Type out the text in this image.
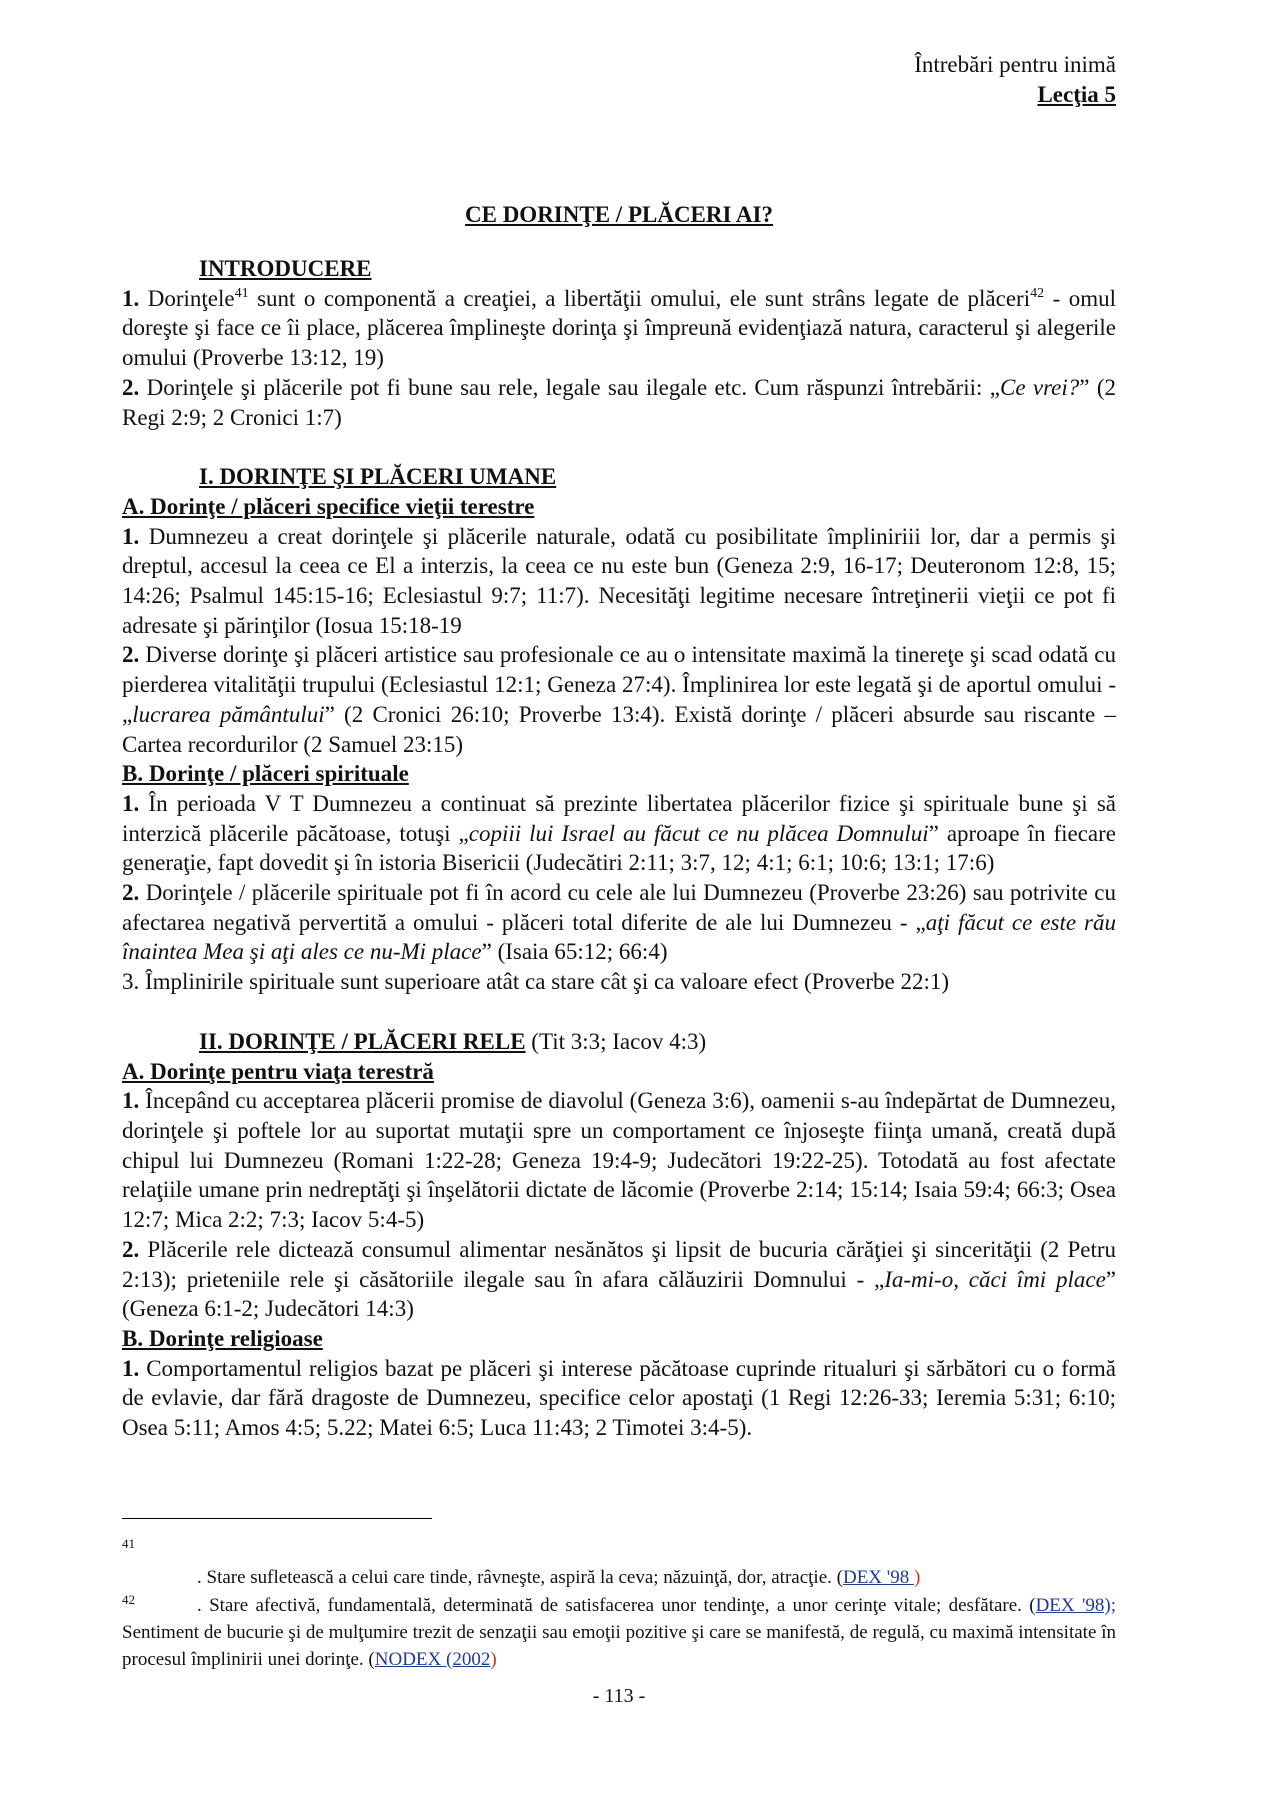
Întrebări pentru inimă
Lecţia 5
CE DORINŢE / PLĂCERI AI?

INTRODUCERE

1. Dorinţele$^{41}$ sunt o componentă a creaţiei, a libertăţii omului, ele sunt strâns legate de plăceri$^{42}$ - omul doreşte şi face ce îi place, plăcerea împlineşte dorinţa şi împreună evidenţiază natura, caracterul şi alegerile omului (Proverbe 13:12, 19)

2. Dorinţele şi plăcerile pot fi bune sau rele, legale sau ilegale etc. Cum răspunzi întrebării: „Ce vrei?” (2 Regi 2:9; 2 Cronici 1:7)

I. DORINŢE ŞI PLĂCERI UMANE

A. Dorinţe / plăceri specifice vieţii terestre

1. Dumnezeu a creat dorinţele şi plăcerile naturale, odată cu posibilitate împliniriii lor, dar a permis şi dreptul, accesul la ceea ce El a interzis, la ceea ce nu este bun (Geneza 2:9, 16-17; Deuteronom 12:8, 15; 14:26; Psalmul 145:15-16; Eclesiastul 9:7; 11:7). Necesităţi legitime necesare întreţinerii vieţii ce pot fi adresate şi părinţilor (Iosua 15:18-19

2. Diverse dorinţe şi plăceri artistice sau profesionale ce au o intensitate maximă la tinereţe şi scad odată cu pierderea vitalităţii trupului (Eclesiastul 12:1; Geneza 27:4). Împlinirea lor este legată şi de aportul omului - „lucrarea pământului” (2 Cronici 26:10; Proverbe 13:4). Există dorinţe / plăceri absurde sau riscante – Cartea recordurilor (2 Samuel 23:15)

B. Dorinţe / plăceri spirituale

1. În perioada V T Dumnezeu a continuat să prezinte libertatea plăcerilor fizice şi spirituale bune şi să interzică plăcerile păcătoase, totuşi „copiii lui Israel au făcut ce nu plăcea Domnului” aproape în fiecare generaţie, fapt dovedit şi în istoria Bisericii (Judecătiri 2:11; 3:7, 12; 4:1; 6:1; 10:6; 13:1; 17:6)

2. Dorinţele / plăcerile spirituale pot fi în acord cu cele ale lui Dumnezeu (Proverbe 23:26) sau potrivite cu afectarea negativă pervertită a omului - plăceri total diferite de ale lui Dumnezeu - „aţi făcut ce este rău înaintea Mea şi aţi ales ce nu-Mi place” (Isaia 65:12; 66:4)

3. Împlinirile spirituale sunt superioare atât ca stare cât şi ca valoare efect (Proverbe 22:1)

II. DORINŢE / PLĂCERI RELE (Tit 3:3; Iacov 4:3)

A. Dorinţe pentru viaţa terestră

1. Începând cu acceptarea plăcerii promise de diavolul (Geneza 3:6), oamenii s-au îndepărtat de Dumnezeu, dorinţele şi poftele lor au suportat mutaţii spre un comportament ce înjoseşte fiinţa umană, creată după chipul lui Dumnezeu (Romani 1:22-28; Geneza 19:4-9; Judecători 19:22-25). Totodată au fost afectate relaţiile umane prin nedreptăţi şi înşelătorii dictate de lăcomie (Proverbe 2:14; 15:14; Isaia 59:4; 66:3; Osea 12:7; Mica 2:2; 7:3; Iacov 5:4-5)

2. Plăcerile rele dictează consumul alimentar nesănătos şi lipsit de bucuria cărăţiei şi sincerităţii (2 Petru 2:13); prieteniile rele şi căsătoriile ilegale sau în afara călăuzirii Domnului - „Ia-mi-o, căci îmi place” (Geneza 6:1-2; Judecători 14:3)

B. Dorinţe religioase

1. Comportamentul religios bazat pe plăceri şi interese păcătoase cuprinde ritualuri şi sărbători cu o formă de evlavie, dar fără dragoste de Dumnezeu, specifice celor apostaţi (1 Regi 12:26-33; Ieremia 5:31; 6:10; Osea 5:11; Amos 4:5; 5.22; Matei 6:5; Luca 11:43; 2 Timotei 3:4-5).

41
. Stare sufletească a celui care tinde, râvneşte, aspiră la ceva; năzuinţă, dor, atracţie. (DEX '98 )
42	. Stare afectivă, fundamentală, determinată de satisfacerea unor tendinţe, a unor cerinţe vitale; desfătare. (DEX '98); Sentiment de bucurie şi de mulţumire trezit de senzaţii sau emoţii pozitive şi care se manifestă, de regulă, cu maximă intensitate în procesul împlinirii unei dorinţe. (NODEX (2002)
- 113 -
